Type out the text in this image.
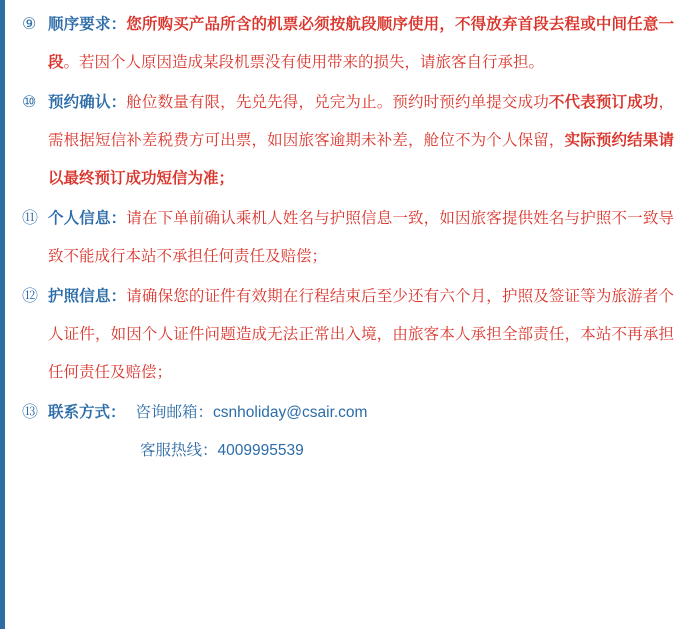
⑨ 顺序要求：您所购买产品所含的机票必须按航段顺序使用，不得放弃首段去程或中间任意一段。若因个人原因造成某段机票没有使用带来的损失，请旅客自行承担。
⑩ 预约确认：舱位数量有限，先兑先得，兑完为止。预约时预约单提交成功不代表预订成功，需根据短信补差税费方可出票，如因旅客逾期未补差，舱位不为个人保留，实际预约结果请以最终预订成功短信为准；
⑪ 个人信息：请在下单前确认乘机人姓名与护照信息一致，如因旅客提供姓名与护照不一致导致不能成行本站不承担任何责任及赔偿；
⑫ 护照信息：请确保您的证件有效期在行程结束后至少还有六个月，护照及签证等为旅游者个人证件，如因个人证件问题造成无法正常出入境，由旅客本人承担全部责任，本站不再承担任何责任及赔偿；
⑬ 联系方式： 咨询邮箱： csnholiday@csair.com
客服热线： 4009995539
